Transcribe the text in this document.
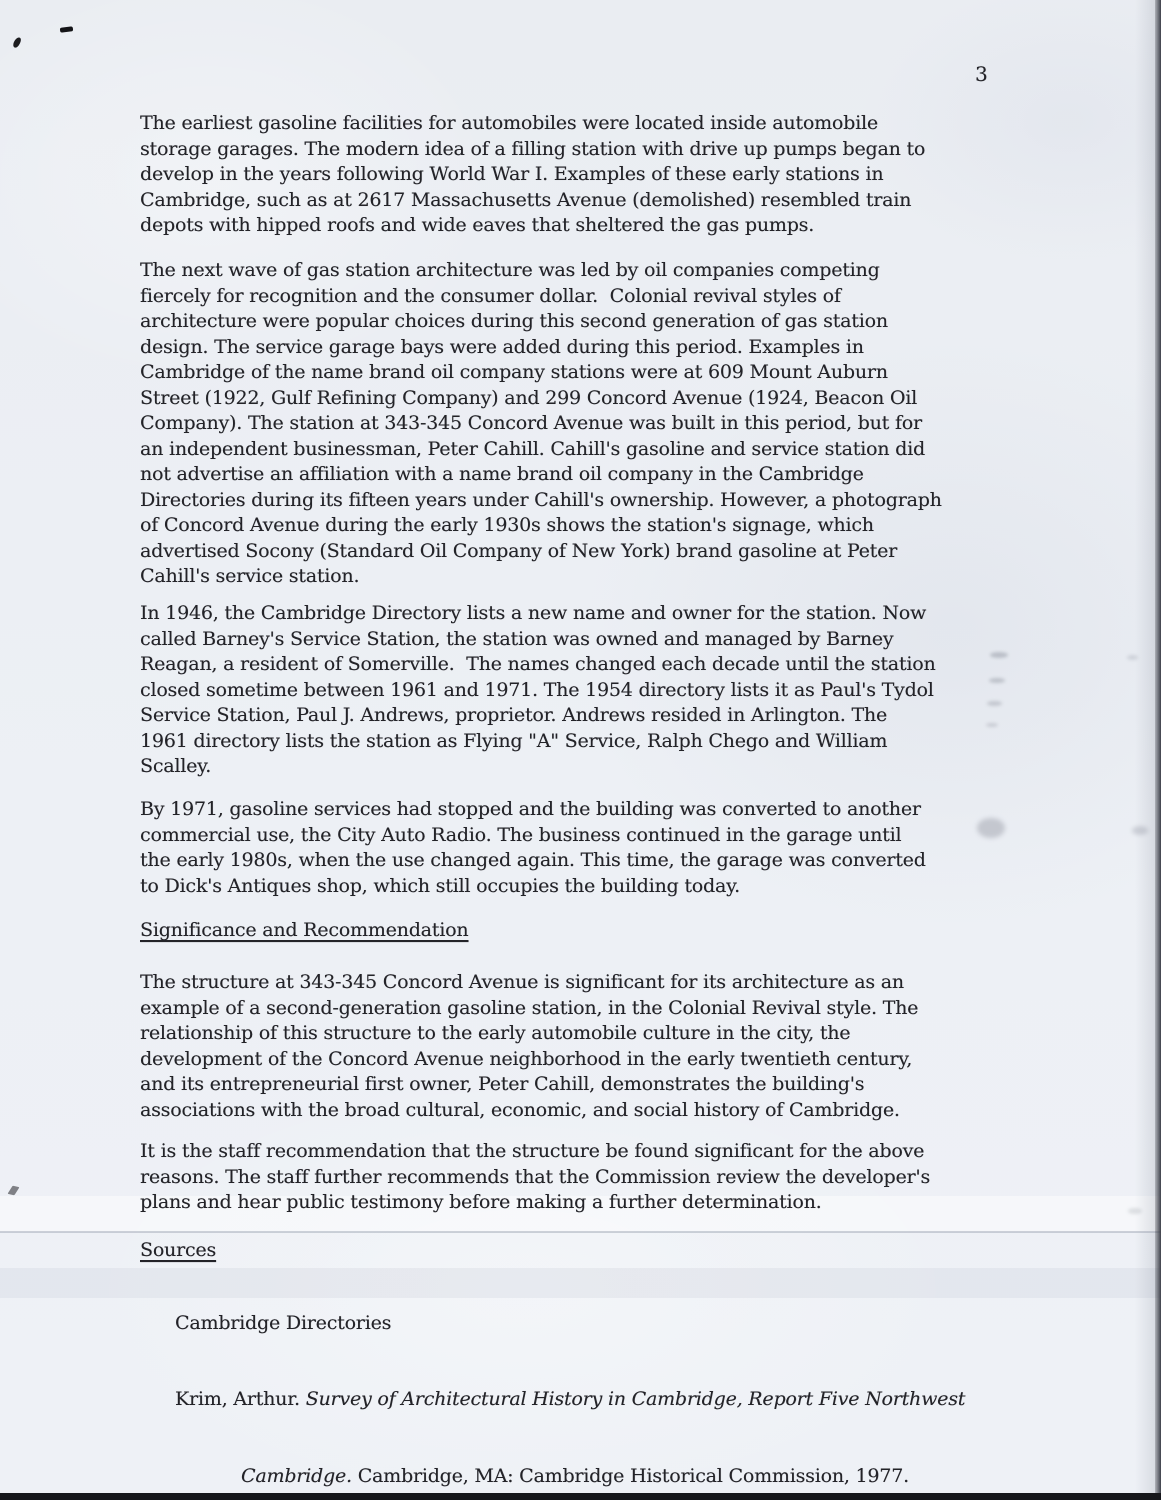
3
The earliest gasoline facilities for automobiles were located inside automobile
storage garages. The modern idea of a filling station with drive up pumps began to
develop in the years following World War I. Examples of these early stations in
Cambridge, such as at 2617 Massachusetts Avenue (demolished) resembled train
depots with hipped roofs and wide eaves that sheltered the gas pumps.
The next wave of gas station architecture was led by oil companies competing
fiercely for recognition and the consumer dollar.  Colonial revival styles of
architecture were popular choices during this second generation of gas station
design. The service garage bays were added during this period. Examples in
Cambridge of the name brand oil company stations were at 609 Mount Auburn
Street (1922, Gulf Refining Company) and 299 Concord Avenue (1924, Beacon Oil
Company). The station at 343-345 Concord Avenue was built in this period, but for
an independent businessman, Peter Cahill. Cahill's gasoline and service station did
not advertise an affiliation with a name brand oil company in the Cambridge
Directories during its fifteen years under Cahill's ownership. However, a photograph
of Concord Avenue during the early 1930s shows the station's signage, which
advertised Socony (Standard Oil Company of New York) brand gasoline at Peter
Cahill's service station.
In 1946, the Cambridge Directory lists a new name and owner for the station. Now
called Barney's Service Station, the station was owned and managed by Barney
Reagan, a resident of Somerville.  The names changed each decade until the station
closed sometime between 1961 and 1971. The 1954 directory lists it as Paul's Tydol
Service Station, Paul J. Andrews, proprietor. Andrews resided in Arlington. The
1961 directory lists the station as Flying "A" Service, Ralph Chego and William
Scalley.
By 1971, gasoline services had stopped and the building was converted to another
commercial use, the City Auto Radio. The business continued in the garage until
the early 1980s, when the use changed again. This time, the garage was converted
to Dick's Antiques shop, which still occupies the building today.
Significance and Recommendation
The structure at 343-345 Concord Avenue is significant for its architecture as an
example of a second-generation gasoline station, in the Colonial Revival style. The
relationship of this structure to the early automobile culture in the city, the
development of the Concord Avenue neighborhood in the early twentieth century,
and its entrepreneurial first owner, Peter Cahill, demonstrates the building's
associations with the broad cultural, economic, and social history of Cambridge.
It is the staff recommendation that the structure be found significant for the above
reasons. The staff further recommends that the Commission review the developer's
plans and hear public testimony before making a further determination.
Sources

Cambridge Directories

Krim, Arthur. Survey of Architectural History in Cambridge, Report Five Northwest

Cambridge. Cambridge, MA: Cambridge Historical Commission, 1977.
